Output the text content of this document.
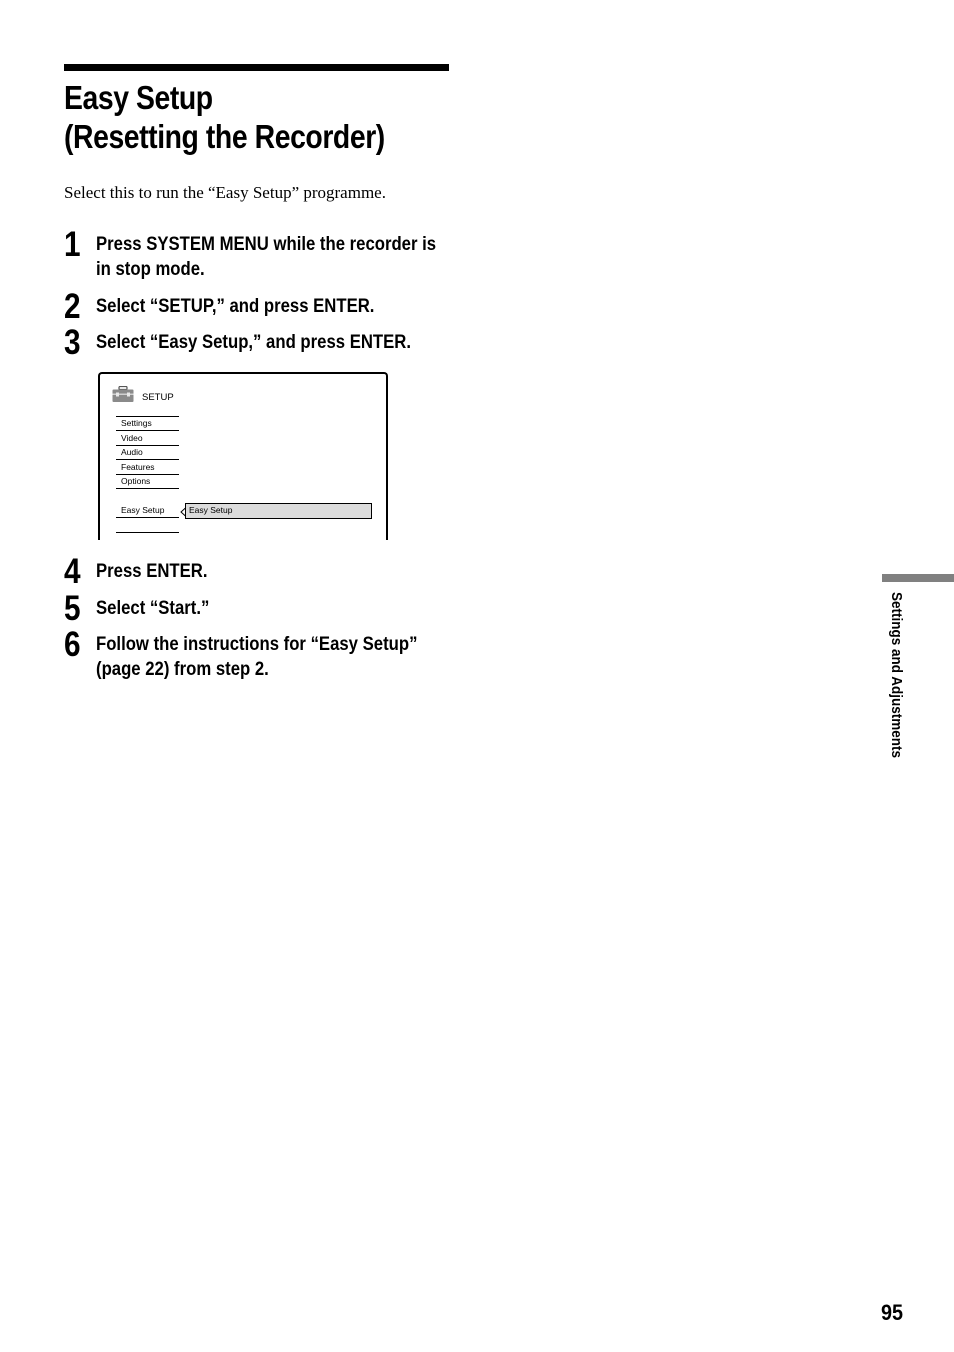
Easy Setup
(Resetting the Recorder)
Select this to run the “Easy Setup” programme.
1 Press SYSTEM MENU while the recorder is
in stop mode.
2 Select “SETUP,” and press ENTER.
3 Select “Easy Setup,” and press ENTER.
SETUP
Settings
Video
Audio
Features
Options
Easy Setup	Easy Setup
4 Press ENTER.
5 Select “Start.”
6 Follow the instructions for “Easy Setup”
(page 22) from step 2.	Settings and Adjustments
95
